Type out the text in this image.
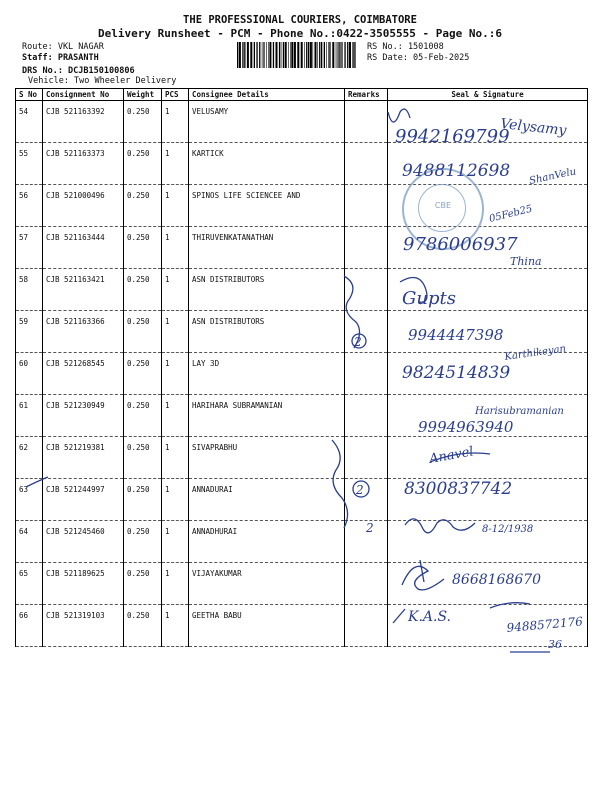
THE PROFESSIONAL COURIERS, COIMBATORE
Delivery Runsheet - PCM - Phone No.:0422-3505555 - Page No.:6
Route: VKL NAGAR
Staff: PRASANTH
DRS No.: DCJB150100806
Vehicle: Two Wheeler Delivery
RS No.: 1501008
RS Date: 05-Feb-2025
S No	Consignment No	Weight	PCS	Consignee Details	Remarks	Seal & Signature
54	CJB 521163392	0.250	1	VELUSAMY		
55	CJB 521163373	0.250	1	KARTICK		
56	CJB 521000496	0.250	1	SPINOS LIFE SCIENCEE AND		
57	CJB 521163444	0.250	1	THIRUVENKATANATHAN		
58	CJB 521163421	0.250	1	ASN DISTRIBUTORS		
59	CJB 521163366	0.250	1	ASN DISTRIBUTORS		
60	CJB 521268545	0.250	1	LAY 3D		
61	CJB 521230949	0.250	1	HARIHARA SUBRAMANIAN		
62	CJB 521219381	0.250	1	SIVAPRABHU		
63	CJB 521244997	0.250	1	ANNADURAI		
64	CJB 521245460	0.250	1	ANNADHURAI		
65	CJB 521189625	0.250	1	VIJAYAKUMAR		
66	CJB 521319103	0.250	1	GEETHA BABU		
CBE
Velysamy
9942169799
9488112698 ShanVelu
05Feb25
9786006937
Thina
Gupts
9944447398
2
Karthikeyan
9824514839
Harisubramanian
9994963940
Anavel
8300837742
2
2	8-12/1938
8668168670
K.A.S.	9488572176
36
